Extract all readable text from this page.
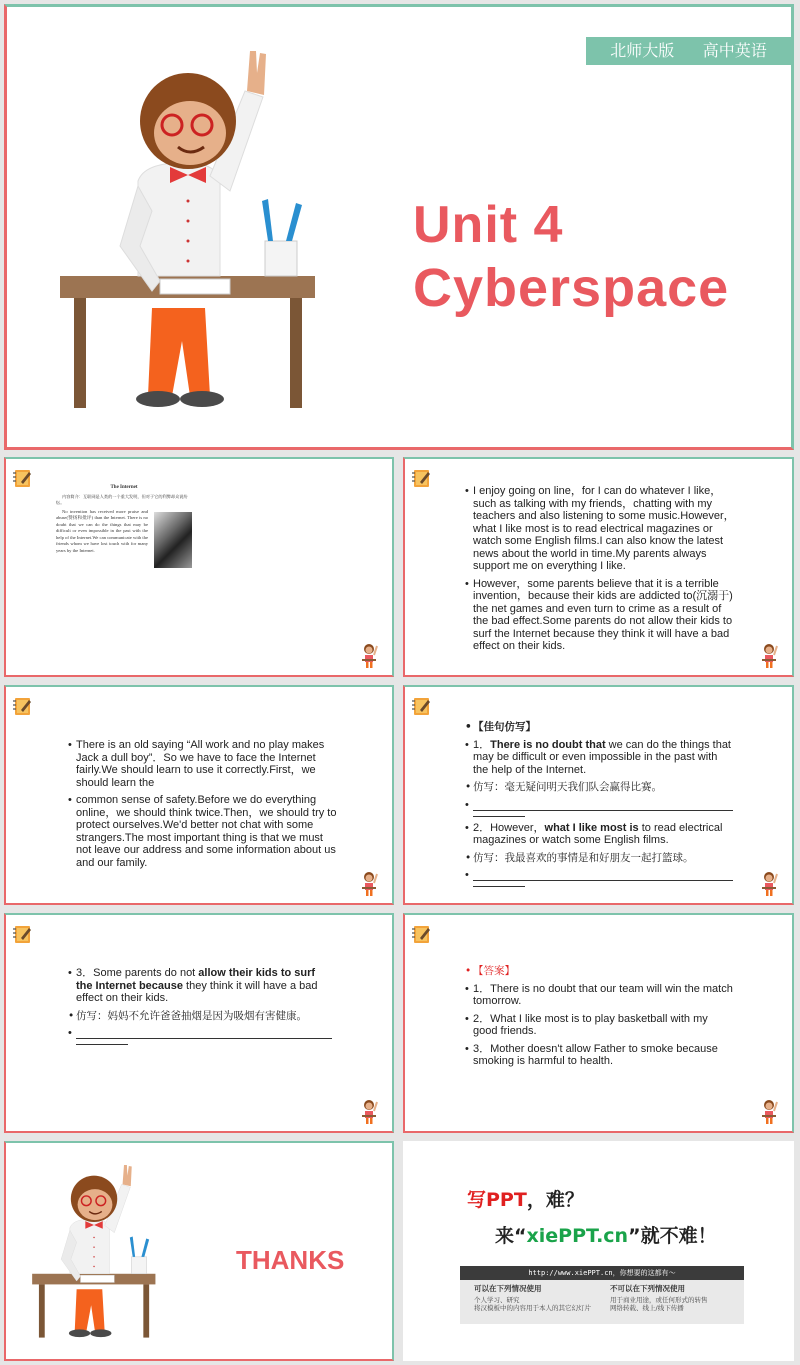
北师大版 高中英语
Unit 4
Cyberspace
The Internet
内容简介：互联网是人类的一个重大发明，但对于它的利弊却众说纷纭。
No invention has received more praise and abuse(赞扬和批评) than the Internet. There is no doubt that we can do the things that may be difficult or even impossible in the past with the help of the Internet.We can communicate with the friends whom we have lost touch with for many years by the Internet.

• I enjoy going on line，for I can do whatever I like，such as talking with my friends，chatting with my teachers and also listening to some music.However，what I like most is to read electrical magazines or watch some English films.I can also know the latest news about the world in time.My parents always support me on everything I like.

• However，some parents believe that it is a terrible invention，because their kids are addicted to(沉溺于) the net games and even turn to crime as a result of the bad effect.Some parents do not allow their kids to surf the Internet because they think it will have a bad effect on their kids.

• There is an old saying “All work and no play makes Jack a dull boy”．So we have to face the Internet fairly.We should learn to use it correctly.First，we should learn the

• common sense of safety.Before we do everything online，we should think twice.Then，we should try to protect ourselves.We'd better not chat with some strangers.The most important thing is that we must not leave our address and some information about us and our family.

• 【佳句仿写】

• 1．There is no doubt that we can do the things that may be difficult or even impossible in the past with the help of the Internet.

• 仿写：毫无疑问明天我们队会赢得比赛。

•

• 2．However，what I like most is to read electrical magazines or watch some English films.

• 仿写：我最喜欢的事情是和好朋友一起打篮球。

•

• 3．Some parents do not allow their kids to surf the Internet because they think it will have a bad effect on their kids.

• 仿写：妈妈不允许爸爸抽烟是因为吸烟有害健康。

•

• 【答案】

• 1．There is no doubt that our team will win the match tomorrow.

• 2．What I like most is to play basketball with my good friends.

• 3．Mother doesn't allow Father to smoke because smoking is harmful to health.

THANKS
写PPT，难？
来“xiePPT.cn”就不难！
http://www.xiePPT.cn，你想要的这都有～
可以在下列情况使用
个人学习、研究
将汉模板中的内容用于本人的其它幻灯片
不可以在下列情况使用
用于商业用途，或任何形式的转售
网络转载、线上/线下传播
